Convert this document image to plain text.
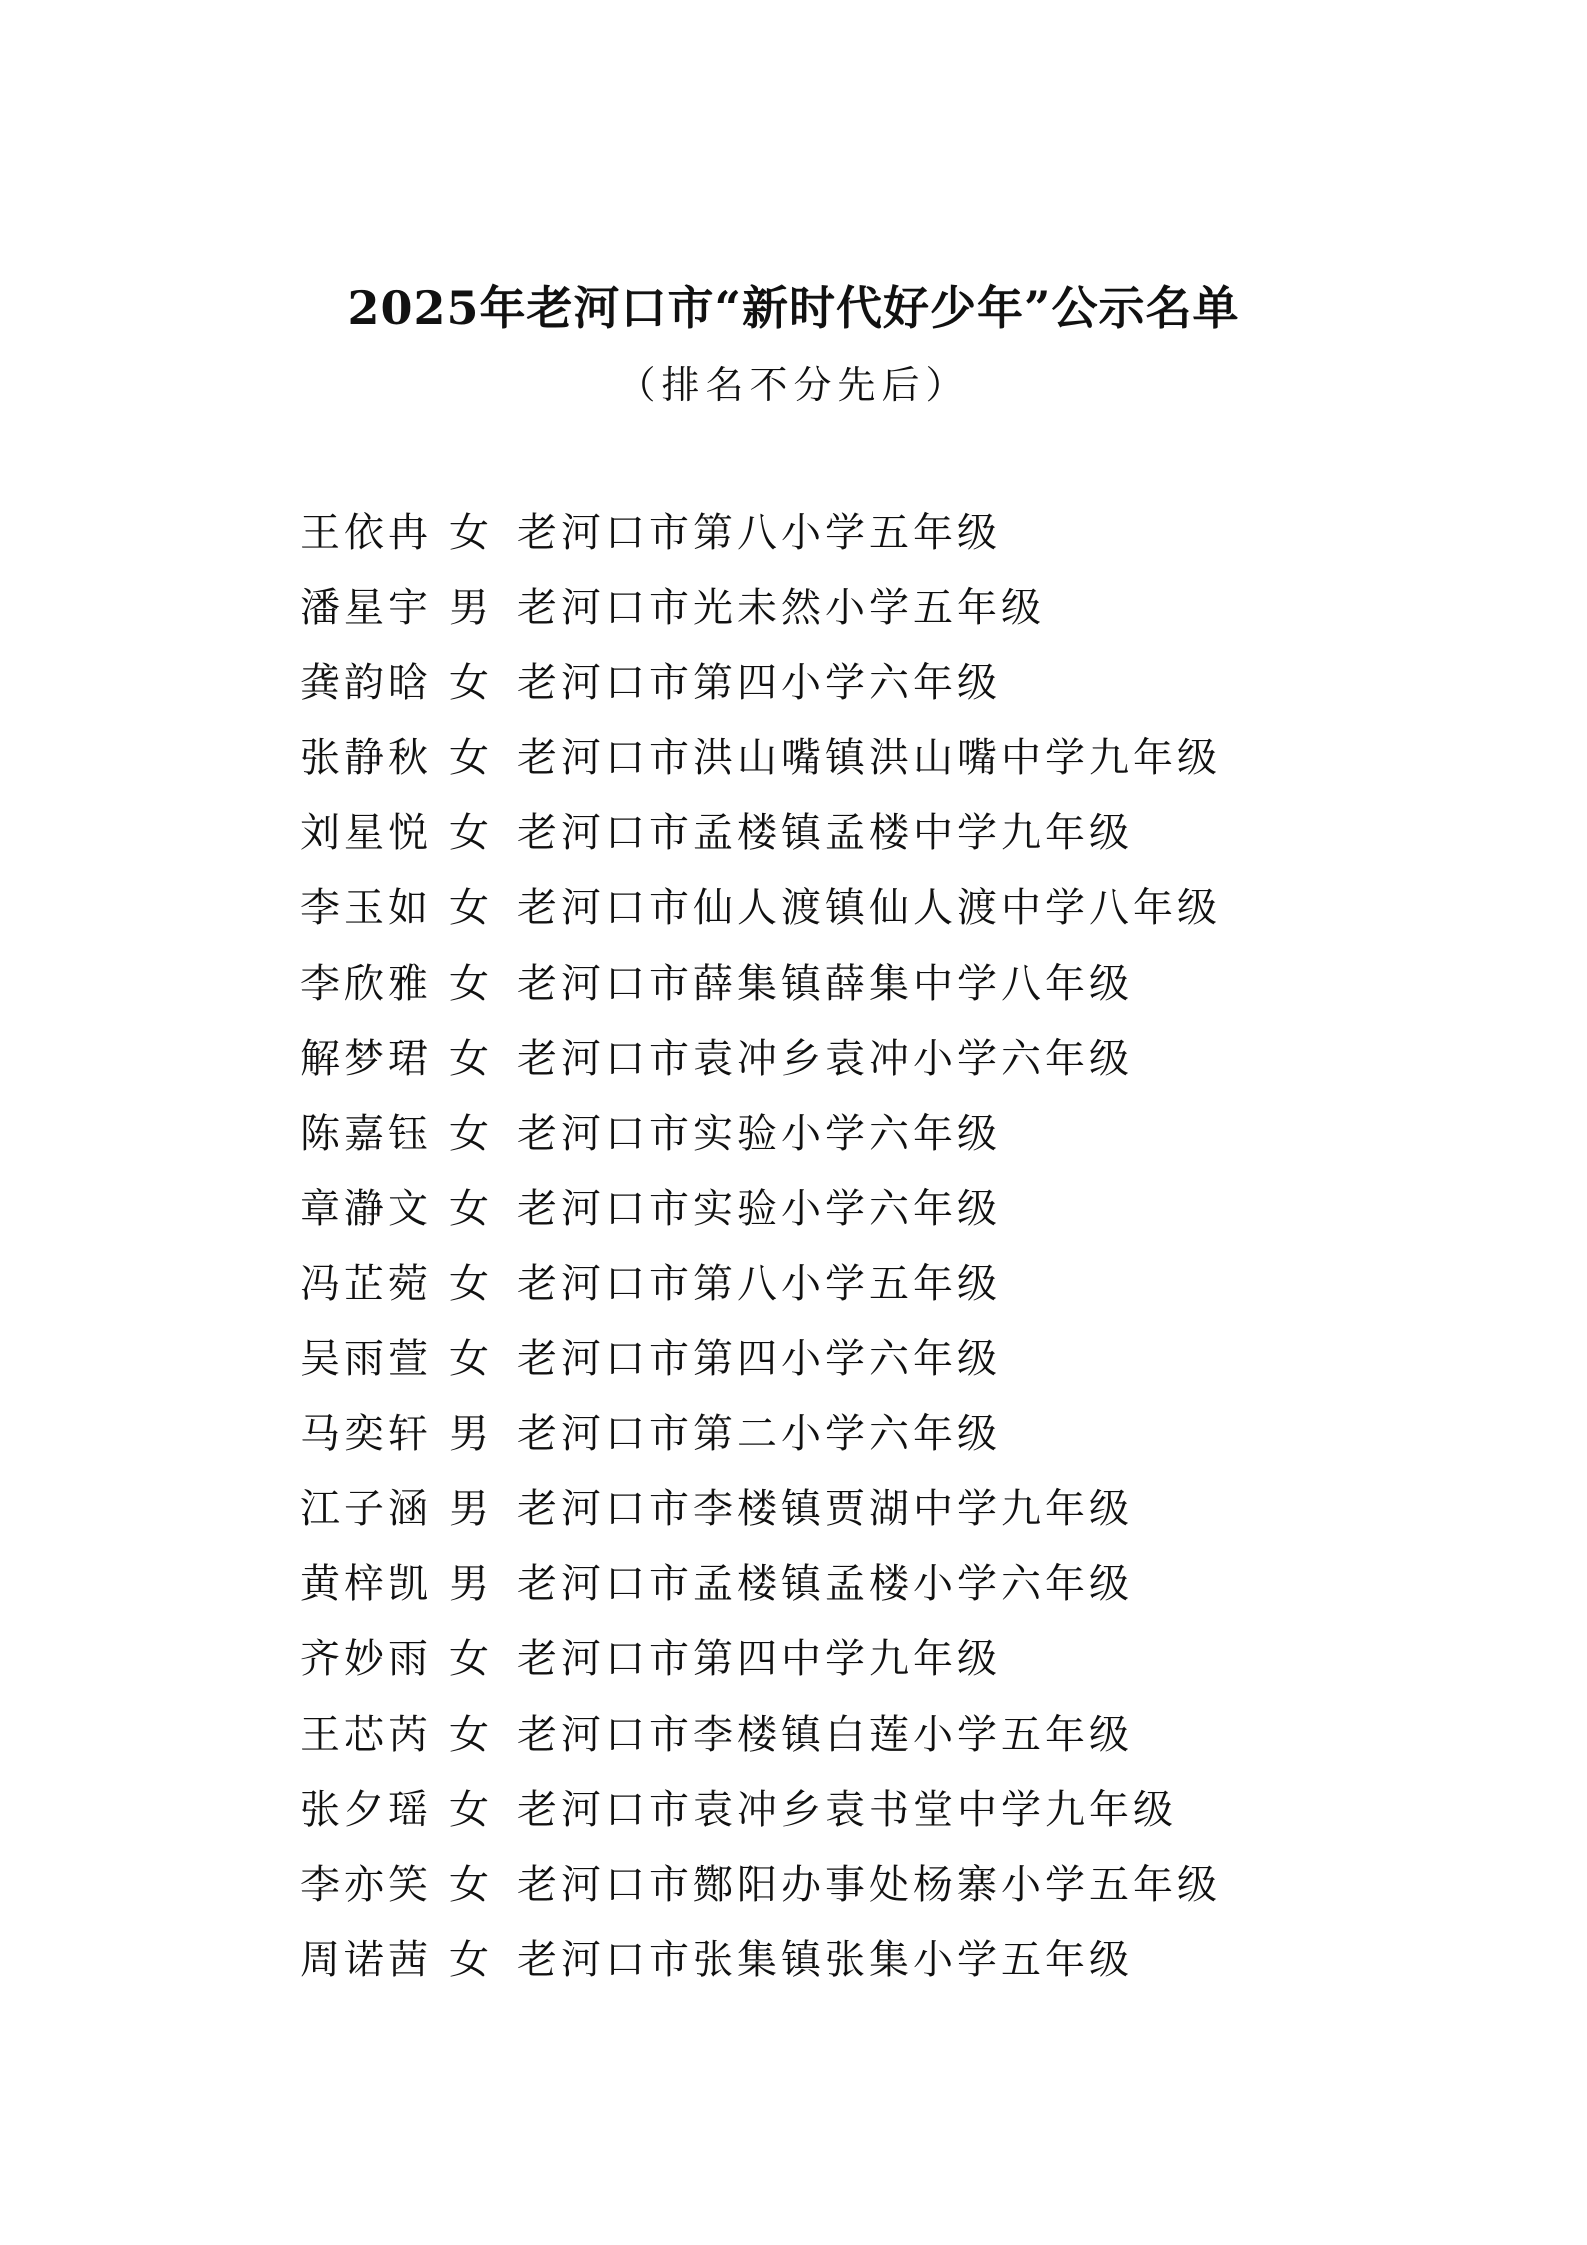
2025年老河口市“新时代好少年”公示名单

（排名不分先后）

王依冉 女 老河口市第八小学五年级
潘星宇 男 老河口市光未然小学五年级
龚韵晗 女 老河口市第四小学六年级
张静秋 女 老河口市洪山嘴镇洪山嘴中学九年级
刘星悦 女 老河口市孟楼镇孟楼中学九年级
李玉如 女 老河口市仙人渡镇仙人渡中学八年级
李欣雅 女 老河口市薛集镇薛集中学八年级
解梦珺 女 老河口市袁冲乡袁冲小学六年级
陈嘉钰 女 老河口市实验小学六年级
章瀞文 女 老河口市实验小学六年级
冯芷菀 女 老河口市第八小学五年级
吴雨萱 女 老河口市第四小学六年级
马奕轩 男 老河口市第二小学六年级
江子涵 男 老河口市李楼镇贾湖中学九年级
黄梓凯 男 老河口市孟楼镇孟楼小学六年级
齐妙雨 女 老河口市第四中学九年级
王芯芮 女 老河口市李楼镇白莲小学五年级
张夕瑶 女 老河口市袁冲乡袁书堂中学九年级
李亦笑 女 老河口市酂阳办事处杨寨小学五年级
周诺茜 女 老河口市张集镇张集小学五年级
